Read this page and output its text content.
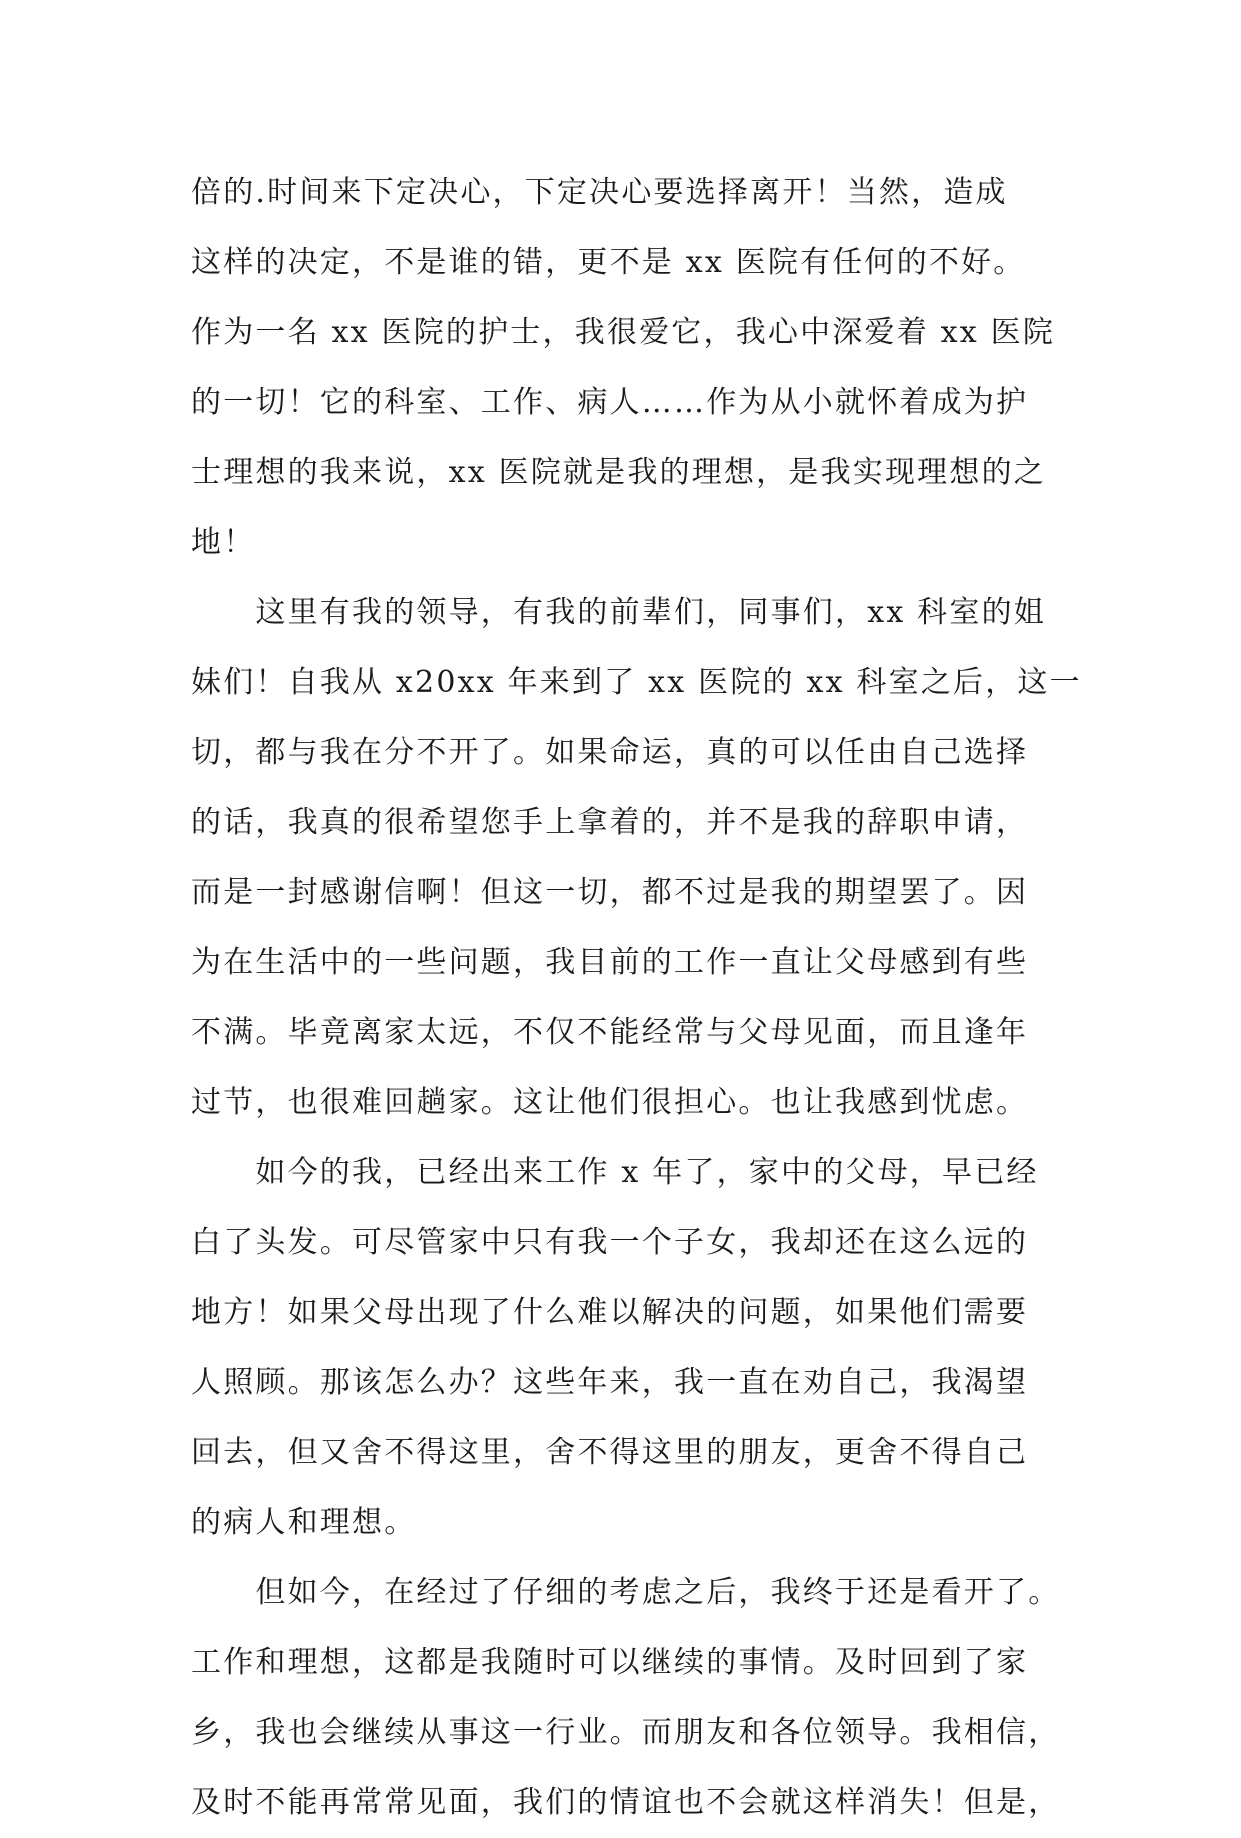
倍的.时间来下定决心，下定决心要选择离开！当然，造成
这样的决定，不是谁的错，更不是 xx 医院有任何的不好。
作为一名 xx 医院的护士，我很爱它，我心中深爱着 xx 医院
的一切！它的科室、工作、病人……作为从小就怀着成为护
士理想的我来说，xx 医院就是我的理想，是我实现理想的之
地！
　　这里有我的领导，有我的前辈们，同事们，xx 科室的姐
妹们！自我从 x20xx 年来到了 xx 医院的 xx 科室之后，这一
切，都与我在分不开了。如果命运，真的可以任由自己选择
的话，我真的很希望您手上拿着的，并不是我的辞职申请，
而是一封感谢信啊！但这一切，都不过是我的期望罢了。因
为在生活中的一些问题，我目前的工作一直让父母感到有些
不满。毕竟离家太远，不仅不能经常与父母见面，而且逢年
过节，也很难回趟家。这让他们很担心。也让我感到忧虑。
　　如今的我，已经出来工作 x 年了，家中的父母，早已经
白了头发。可尽管家中只有我一个子女，我却还在这么远的
地方！如果父母出现了什么难以解决的问题，如果他们需要
人照顾。那该怎么办？这些年来，我一直在劝自己，我渴望
回去，但又舍不得这里，舍不得这里的朋友，更舍不得自己
的病人和理想。
　　但如今，在经过了仔细的考虑之后，我终于还是看开了。
工作和理想，这都是我随时可以继续的事情。及时回到了家
乡，我也会继续从事这一行业。而朋友和各位领导。我相信，
及时不能再常常见面，我们的情谊也不会就这样消失！但是，
